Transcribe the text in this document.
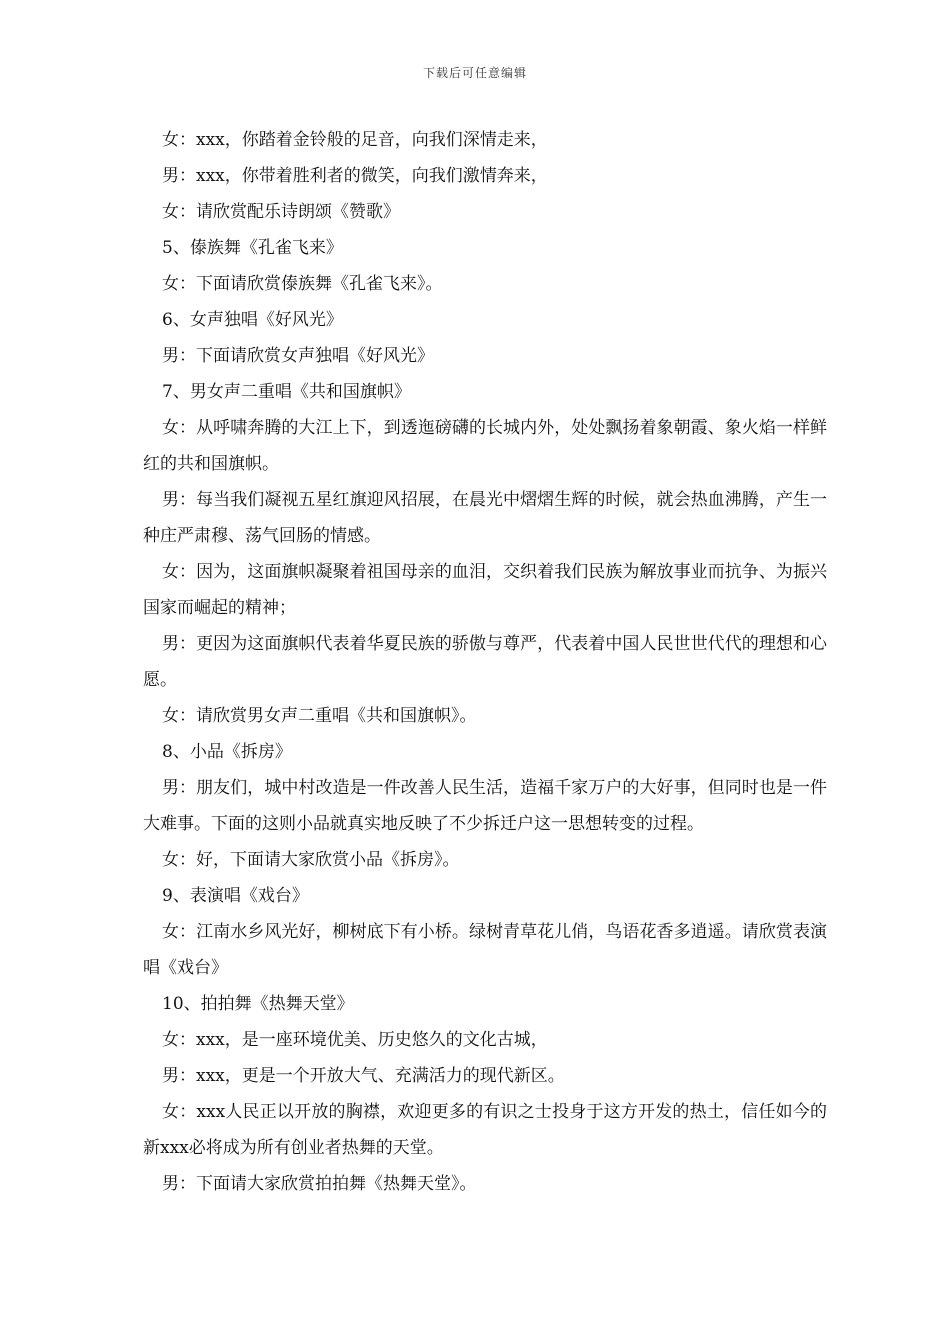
下载后可任意编辑

女：xxx，你踏着金铃般的足音，向我们深情走来，

男：xxx，你带着胜利者的微笑，向我们激情奔来，

女：请欣赏配乐诗朗颂《赞歌》

5、傣族舞《孔雀飞来》

女：下面请欣赏傣族舞《孔雀飞来》。

6、女声独唱《好风光》

男：下面请欣赏女声独唱《好风光》

7、男女声二重唱《共和国旗帜》

女：从呼啸奔腾的大江上下，到透迤磅礴的长城内外，处处飘扬着象朝霞、象火焰一样鲜红的共和国旗帜。

男：每当我们凝视五星红旗迎风招展，在晨光中熠熠生辉的时候，就会热血沸腾，产生一种庄严肃穆、荡气回肠的情感。

女：因为，这面旗帜凝聚着祖国母亲的血泪，交织着我们民族为解放事业而抗争、为振兴国家而崛起的精神；

男：更因为这面旗帜代表着华夏民族的骄傲与尊严，代表着中国人民世世代代的理想和心愿。

女：请欣赏男女声二重唱《共和国旗帜》。

8、小品《拆房》

男：朋友们，城中村改造是一件改善人民生活，造福千家万户的大好事，但同时也是一件大难事。下面的这则小品就真实地反映了不少拆迁户这一思想转变的过程。

女：好，下面请大家欣赏小品《拆房》。

9、表演唱《戏台》

女：江南水乡风光好，柳树底下有小桥。绿树青草花儿俏，鸟语花香多逍遥。请欣赏表演唱《戏台》

10、拍拍舞《热舞天堂》

女：xxx，是一座环境优美、历史悠久的文化古城，

男：xxx，更是一个开放大气、充满活力的现代新区。

女：xxx人民正以开放的胸襟，欢迎更多的有识之士投身于这方开发的热土，信任如今的新xxx必将成为所有创业者热舞的天堂。

男：下面请大家欣赏拍拍舞《热舞天堂》。
